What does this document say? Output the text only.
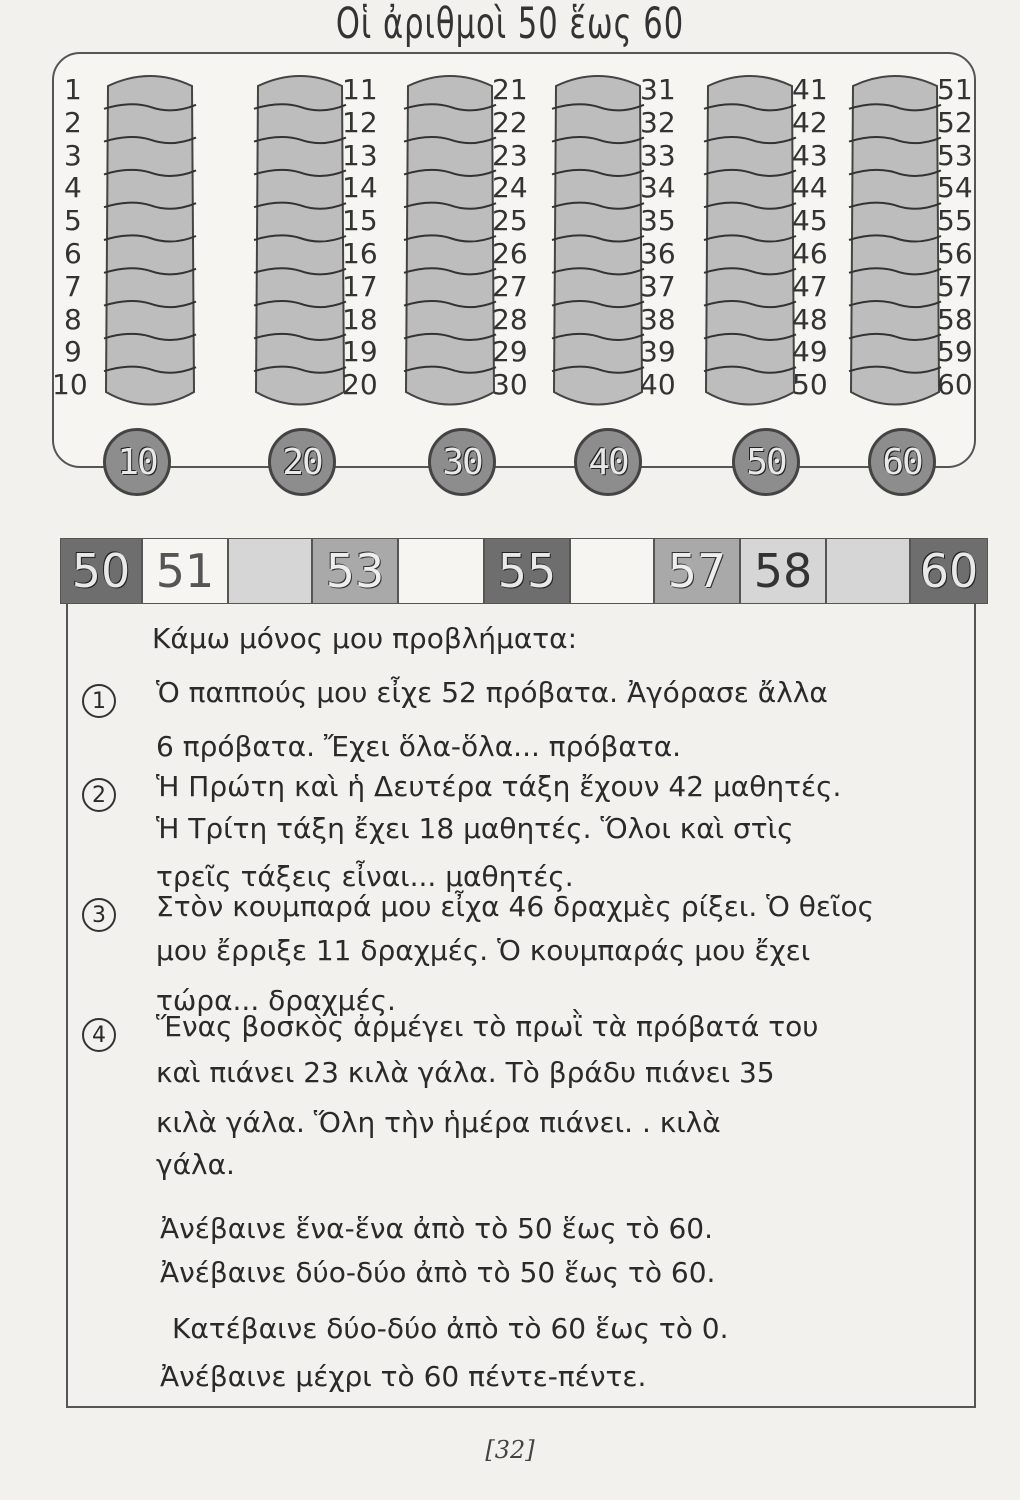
Οἱ ἀριθμοὶ 50 ἕως 60
1
2
3
4
5
6
7
8
9
10
11
12
13
14
15
16
17
18
19
20
21
22
23
24
25
26
27
28
29
30
31
32
33
34
35
36
37
38
39
40
41
42
43
44
45
46
47
48
49
50
51
52
53
54
55
56
57
58
59
60
10	20	30	40	50	60
50 51 53 55 57 58 60
Κάμω μόνος μου προβλήματα:
1	Ὁ παππούς μου εἶχε 52 πρόβατα. Ἀγόρασε ἄλλα
6 πρόβατα. Ἔχει ὅλα-ὅλα... πρόβατα.
2	Ἡ Πρώτη καὶ ἡ Δευτέρα τάξη ἔχουν 42 μαθητές.
Ἡ Τρίτη τάξη ἔχει 18 μαθητές. Ὅλοι καὶ στὶς
τρεῖς τάξεις εἶναι... μαθητές.
3	Στὸν κουμπαρά μου εἶχα 46 δραχμὲς ρίξει. Ὁ θεῖος
μου ἔρριξε 11 δραχμές. Ὁ κουμπαράς μου ἔχει
τώρα... δραχμές.
4	Ἕνας βοσκὸς ἀρμέγει τὸ πρωῒ τὰ πρόβατά του
καὶ πιάνει 23 κιλὰ γάλα. Τὸ βράδυ πιάνει 35
κιλὰ γάλα. Ὅλη τὴν ἡμέρα πιάνει. . κιλὰ
γάλα.
Ἀνέβαινε ἕνα-ἕνα ἀπὸ τὸ 50 ἕως τὸ 60.
Ἀνέβαινε δύο-δύο ἀπὸ τὸ 50 ἕως τὸ 60.
Κατέβαινε δύο-δύο ἀπὸ τὸ 60 ἕως τὸ 0.
Ἀνέβαινε μέχρι τὸ 60 πέντε-πέντε.
[32]
